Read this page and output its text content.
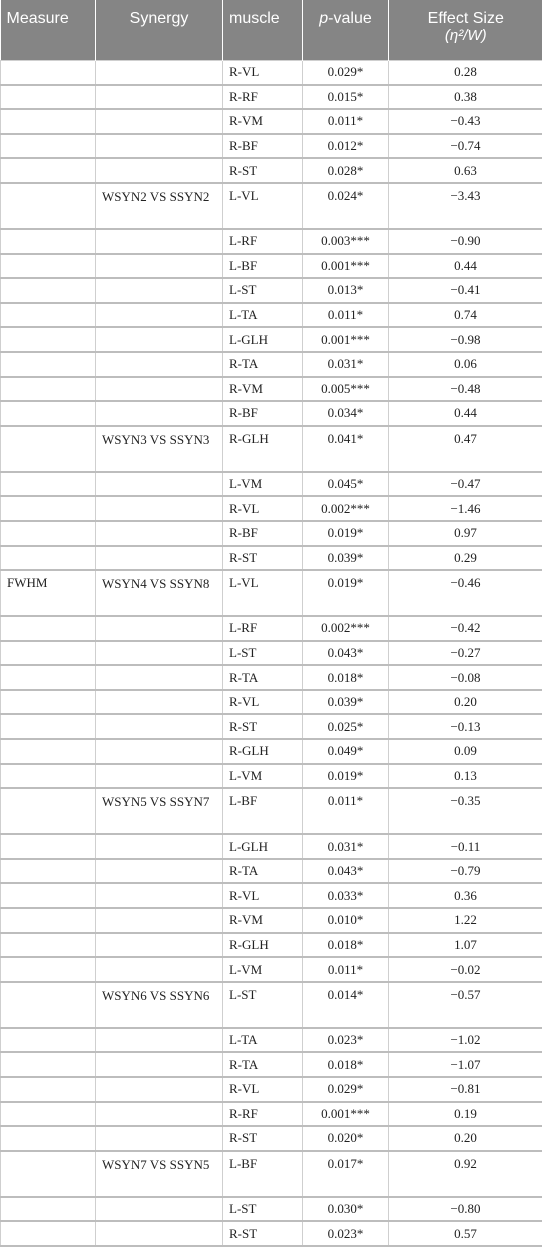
Measure	Synergy	muscle	p-value	Effect Size
(η²/W)

		R-VL	0.029*	0.28
		R-RF	0.015*	0.38
		R-VM	0.011*	−0.43
		R-BF	0.012*	−0.74
		R-ST	0.028*	0.63
	WSYN2 VS SSYN2	L-VL	0.024*	−3.43
		L-RF	0.003***	−0.90
		L-BF	0.001***	0.44
		L-ST	0.013*	−0.41
		L-TA	0.011*	0.74
		L-GLH	0.001***	−0.98
		R-TA	0.031*	0.06
		R-VM	0.005***	−0.48
		R-BF	0.034*	0.44
	WSYN3 VS SSYN3	R-GLH	0.041*	0.47
		L-VM	0.045*	−0.47
		R-VL	0.002***	−1.46
		R-BF	0.019*	0.97
		R-ST	0.039*	0.29
FWHM	WSYN4 VS SSYN8	L-VL	0.019*	−0.46
		L-RF	0.002***	−0.42
		L-ST	0.043*	−0.27
		R-TA	0.018*	−0.08
		R-VL	0.039*	0.20
		R-ST	0.025*	−0.13
		R-GLH	0.049*	0.09
		L-VM	0.019*	0.13
	WSYN5 VS SSYN7	L-BF	0.011*	−0.35
		L-GLH	0.031*	−0.11
		R-TA	0.043*	−0.79
		R-VL	0.033*	0.36
		R-VM	0.010*	1.22
		R-GLH	0.018*	1.07
		L-VM	0.011*	−0.02
	WSYN6 VS SSYN6	L-ST	0.014*	−0.57
		L-TA	0.023*	−1.02
		R-TA	0.018*	−1.07
		R-VL	0.029*	−0.81
		R-RF	0.001***	0.19
		R-ST	0.020*	0.20
	WSYN7 VS SSYN5	L-BF	0.017*	0.92
		L-ST	0.030*	−0.80
		R-ST	0.023*	0.57
